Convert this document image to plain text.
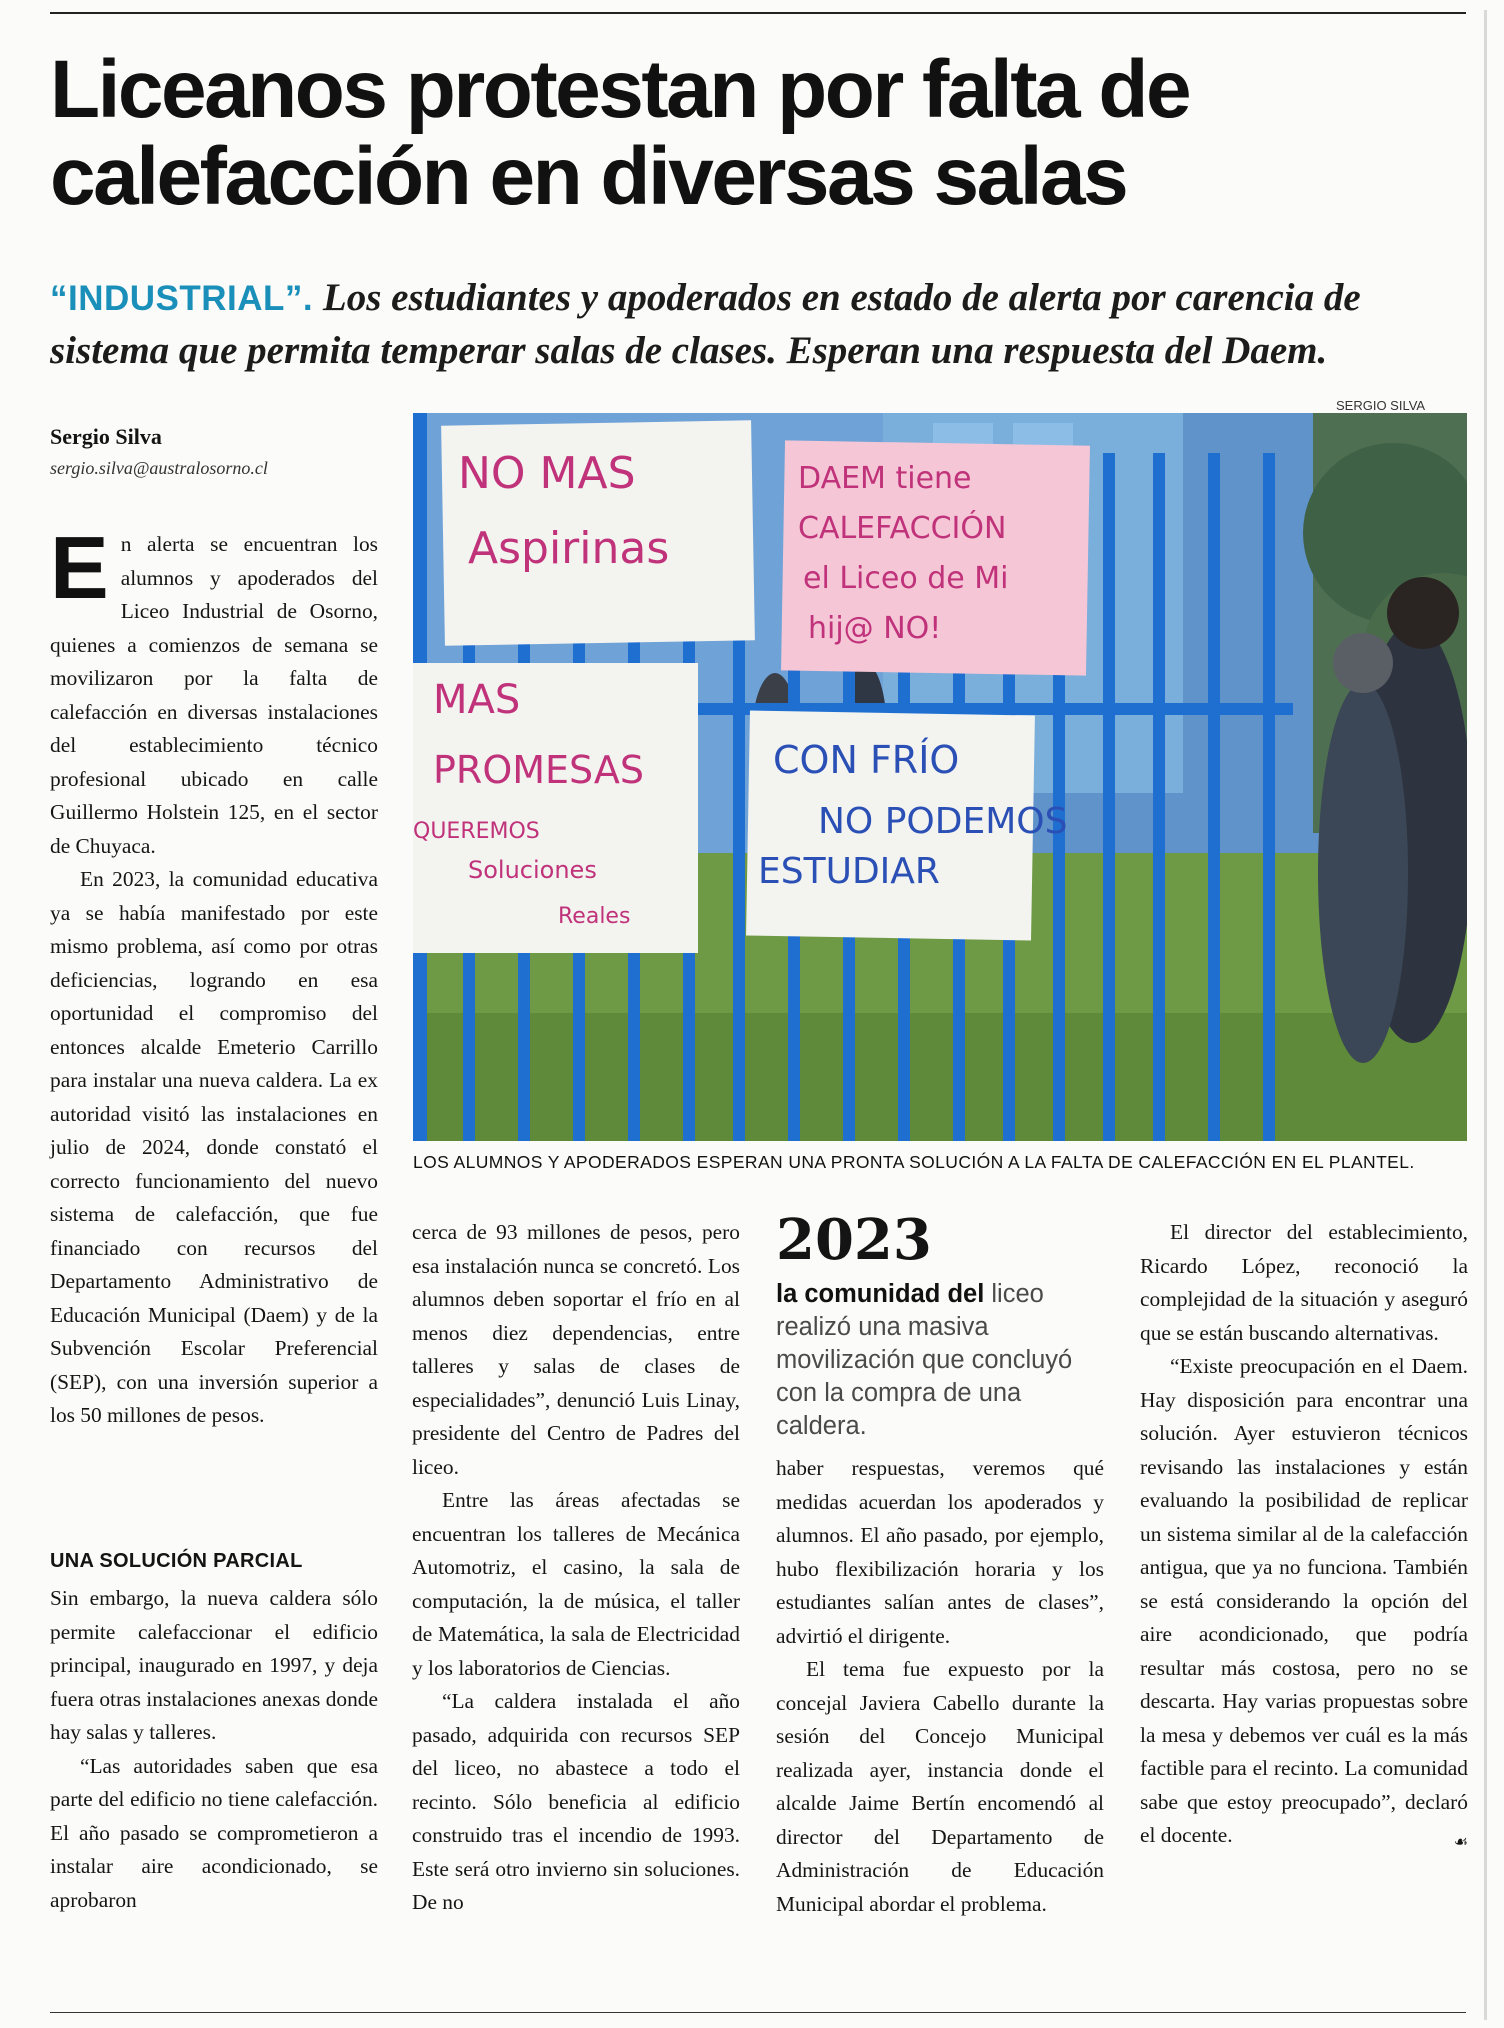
Liceanos protestan por falta de calefacción en diversas salas
“INDUSTRIAL”. Los estudiantes y apoderados en estado de alerta por carencia de sistema que permita temperar salas de clases. Esperan una respuesta del Daem.
Sergio Silva
sergio.silva@australosorno.cl
SERGIO SILVA
NO MAS
Aspirinas
DAEM tiene
CALEFACCIÓN
el Liceo de Mi
hij@ NO!
MAS
PROMESAS
QUEREMOS
Soluciones
Reales
CON FRÍO
NO PODEMOS
ESTUDIAR
LOS ALUMNOS Y APODERADOS ESPERAN UNA PRONTA SOLUCIÓN A LA FALTA DE CALEFACCIÓN EN EL PLANTEL.

En alerta se encuentran los alumnos y apoderados del Liceo Industrial de Osorno, quienes a comienzos de semana se movilizaron por la falta de calefacción en diversas instalaciones del establecimiento técnico profesional ubicado en calle Guillermo Holstein 125, en el sector de Chuyaca.

En 2023, la comunidad educativa ya se había manifestado por este mismo problema, así como por otras deficiencias, logrando en esa oportunidad el compromiso del entonces alcalde Emeterio Carrillo para instalar una nueva caldera. La ex autoridad visitó las instalaciones en julio de 2024, donde constató el correcto funcionamiento del nuevo sistema de calefacción, que fue financiado con recursos del Departamento Administrativo de Educación Municipal (Daem) y de la Subvención Escolar Preferencial (SEP), con una inversión superior a los 50 millones de pesos.

UNA SOLUCIÓN PARCIAL

Sin embargo, la nueva caldera sólo permite calefaccionar el edificio principal, inaugurado en 1997, y deja fuera otras instalaciones anexas donde hay salas y talleres.

“Las autoridades saben que esa parte del edificio no tiene calefacción. El año pasado se comprometieron a instalar aire acondicionado, se aprobaron

cerca de 93 millones de pesos, pero esa instalación nunca se concretó. Los alumnos deben soportar el frío en al menos diez dependencias, entre talleres y salas de clases de especialidades”, denunció Luis Linay, presidente del Centro de Padres del liceo.

Entre las áreas afectadas se encuentran los talleres de Mecánica Automotriz, el casino, la sala de computación, la de música, el taller de Matemática, la sala de Electricidad y los laboratorios de Ciencias.

“La caldera instalada el año pasado, adquirida con recursos SEP del liceo, no abastece a todo el recinto. Sólo beneficia al edificio construido tras el incendio de 1993. Este será otro invierno sin soluciones. De no

2023
la comunidad del liceo realizó una masiva movilización que concluyó con la compra de una caldera.

haber respuestas, veremos qué medidas acuerdan los apoderados y alumnos. El año pasado, por ejemplo, hubo flexibilización horaria y los estudiantes salían antes de clases”, advirtió el dirigente.

El tema fue expuesto por la concejal Javiera Cabello durante la sesión del Concejo Municipal realizada ayer, instancia donde el alcalde Jaime Bertín encomendó al director del Departamento de Administración de Educación Municipal abordar el problema.

El director del establecimiento, Ricardo López, reconoció la complejidad de la situación y aseguró que se están buscando alternativas.

“Existe preocupación en el Daem. Hay disposición para encontrar una solución. Ayer estuvieron técnicos revisando las instalaciones y están evaluando la posibilidad de replicar un sistema similar al de la calefacción antigua, que ya no funciona. También se está considerando la opción del aire acondicionado, que podría resultar más costosa, pero no se descarta. Hay varias propuestas sobre la mesa y debemos ver cuál es la más factible para el recinto. La comunidad sabe que estoy preocupado”, declaró el docente.	☙
